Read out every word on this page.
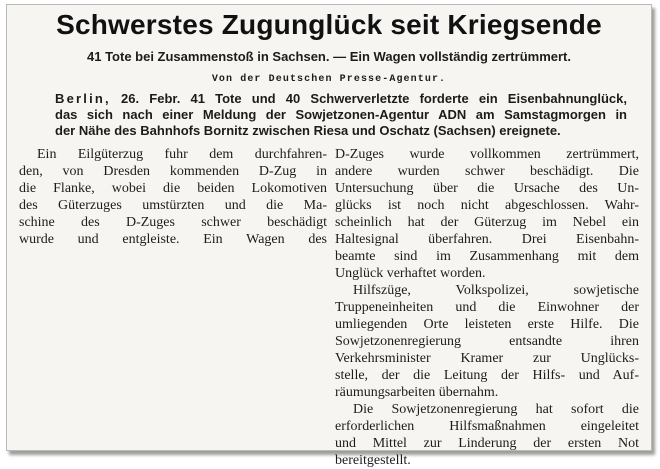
Schwerstes Zugunglück seit Kriegsende
41 Tote bei Zusammenstoß in Sachsen. — Ein Wagen vollständig zertrümmert.
Von der Deutschen Presse-Agentur.
Berlin, 26. Febr. 41 Tote und 40 Schwerverletzte forderte ein Eisenbahnunglück,
das sich nach einer Meldung der Sowjetzonen-Agentur ADN am Samstagmorgen in
der Nähe des Bahnhofs Bornitz zwischen Riesa und Oschatz (Sachsen) ereignete.
Ein Eilgüterzug fuhr dem durchfahren-
den, von Dresden kommenden D-Zug in
die Flanke, wobei die beiden Lokomotiven
des Güterzuges umstürzten und die Ma-
schine des D-Zuges schwer beschädigt
wurde und entgleiste. Ein Wagen des
D-Zuges wurde vollkommen zertrümmert,
andere wurden schwer beschädigt. Die
Untersuchung über die Ursache des Un-
glücks ist noch nicht abgeschlossen. Wahr-
scheinlich hat der Güterzug im Nebel ein
Haltesignal überfahren. Drei Eisenbahn-
beamte sind im Zusammenhang mit dem
Unglück verhaftet worden.
Hilfszüge, Volkspolizei, sowjetische
Truppeneinheiten und die Einwohner der
umliegenden Orte leisteten erste Hilfe. Die
Sowjetzonenregierung entsandte ihren
Verkehrsminister Kramer zur Unglücks-
stelle, der die Leitung der Hilfs- und Auf-
räumungsarbeiten übernahm.
Die Sowjetzonenregierung hat sofort die
erforderlichen Hilfsmaßnahmen eingeleitet
und Mittel zur Linderung der ersten Not
bereitgestellt.
